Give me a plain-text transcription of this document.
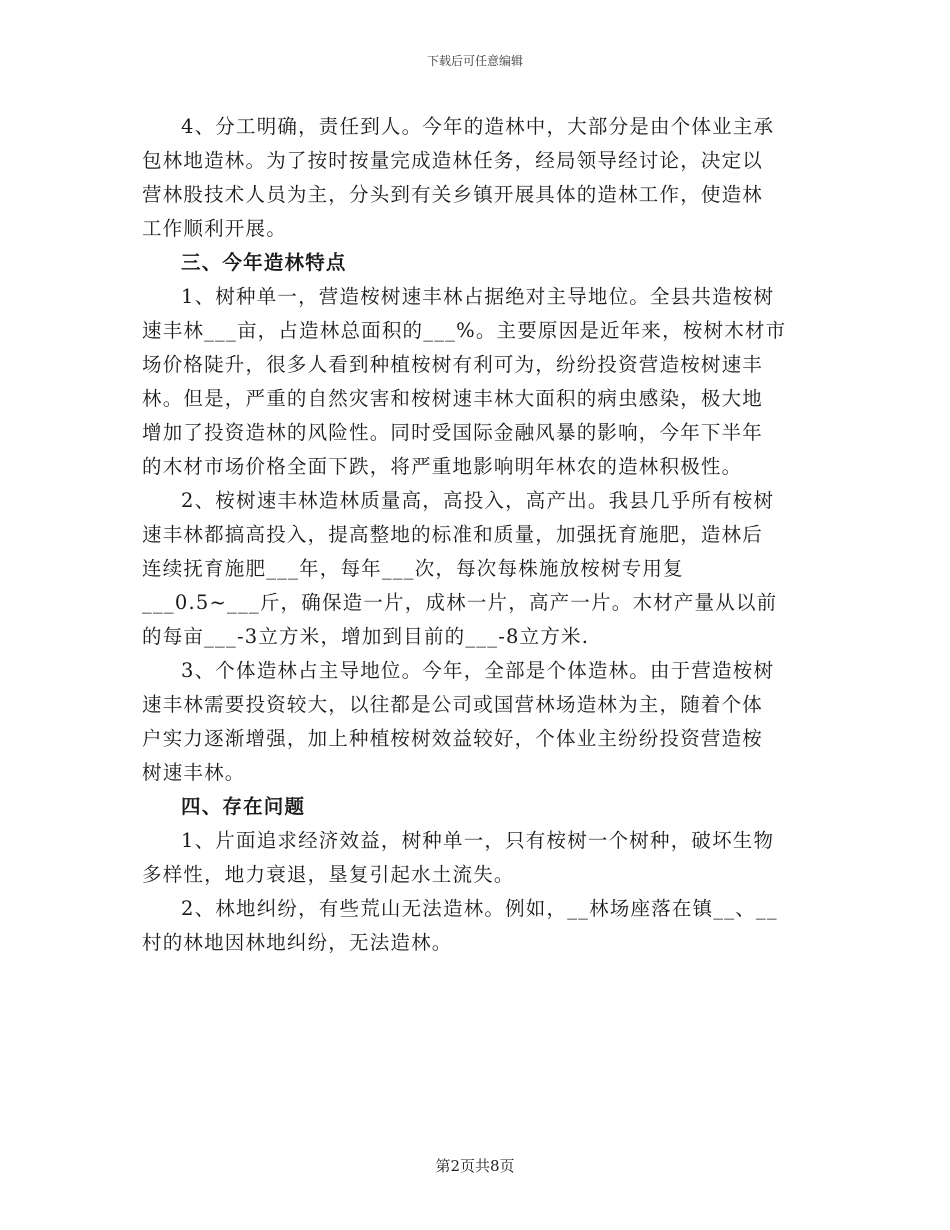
下载后可任意编辑

4、分工明确，责任到人。今年的造林中，大部分是由个体业主承
包林地造林。为了按时按量完成造林任务，经局领导经讨论，决定以
营林股技术人员为主，分头到有关乡镇开展具体的造林工作，使造林
工作顺利开展。

三、今年造林特点

1、树种单一，营造桉树速丰林占据绝对主导地位。全县共造桉树
速丰林___亩，占造林总面积的___%。主要原因是近年来，桉树木材市
场价格陡升，很多人看到种植桉树有利可为，纷纷投资营造桉树速丰
林。但是，严重的自然灾害和桉树速丰林大面积的病虫感染，极大地
增加了投资造林的风险性。同时受国际金融风暴的影响，今年下半年
的木材市场价格全面下跌，将严重地影响明年林农的造林积极性。

2、桉树速丰林造林质量高，高投入，高产出。我县几乎所有桉树
速丰林都搞高投入，提高整地的标准和质量，加强抚育施肥，造林后
连续抚育施肥___年，每年___次，每次每株施放桉树专用复
___0.5~___斤，确保造一片，成林一片，高产一片。木材产量从以前
的每亩___-3立方米，增加到目前的___-8立方米.

3、个体造林占主导地位。今年，全部是个体造林。由于营造桉树
速丰林需要投资较大，以往都是公司或国营林场造林为主，随着个体
户实力逐渐增强，加上种植桉树效益较好，个体业主纷纷投资营造桉
树速丰林。

四、存在问题

1、片面追求经济效益，树种单一，只有桉树一个树种，破坏生物
多样性，地力衰退，垦复引起水土流失。

2、林地纠纷，有些荒山无法造林。例如，__林场座落在镇__、__
村的林地因林地纠纷，无法造林。

第2页共8页
